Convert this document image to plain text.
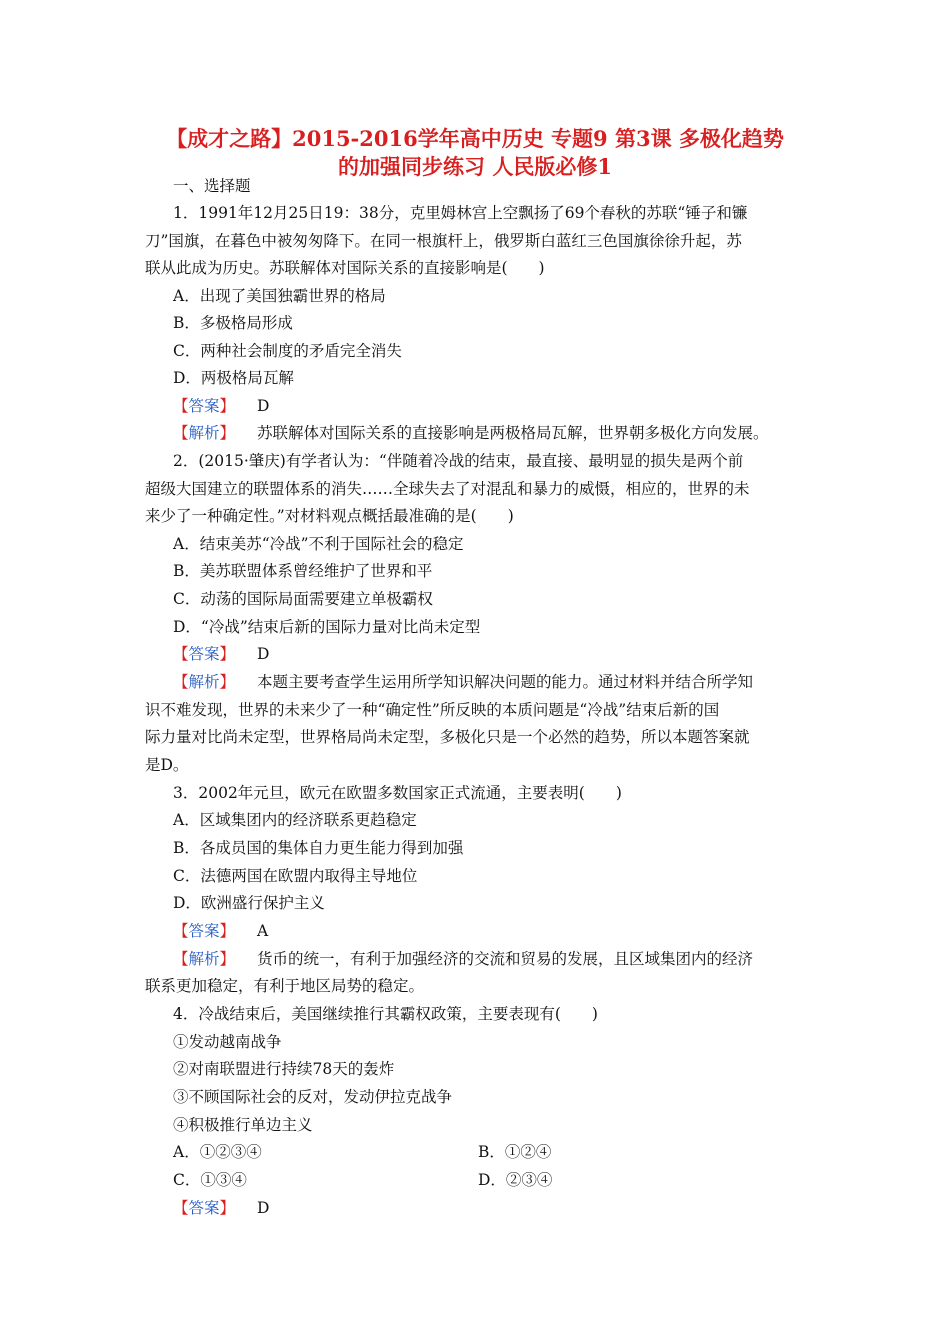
【成才之路】2015-2016学年高中历史 专题9 第3课 多极化趋势
的加强同步练习 人民版必修1
一、选择题
1．1991年12月25日19：38分，克里姆林宫上空飘扬了69个春秋的苏联“锤子和镰
刀”国旗，在暮色中被匆匆降下。在同一根旗杆上，俄罗斯白蓝红三色国旗徐徐升起，苏
联从此成为历史。苏联解体对国际关系的直接影响是(　　)
A．出现了美国独霸世界的格局
B．多极格局形成
C．两种社会制度的矛盾完全消失
D．两极格局瓦解
【答案】 D
【解析】 苏联解体对国际关系的直接影响是两极格局瓦解，世界朝多极化方向发展。
2．(2015·肇庆)有学者认为：“伴随着冷战的结束，最直接、最明显的损失是两个前
超级大国建立的联盟体系的消失……全球失去了对混乱和暴力的威慑，相应的，世界的未
来少了一种确定性。”对材料观点概括最准确的是(　　)
A．结束美苏“冷战”不利于国际社会的稳定
B．美苏联盟体系曾经维护了世界和平
C．动荡的国际局面需要建立单极霸权
D．“冷战”结束后新的国际力量对比尚未定型
【答案】 D
【解析】 本题主要考查学生运用所学知识解决问题的能力。通过材料并结合所学知
识不难发现，世界的未来少了一种“确定性”所反映的本质问题是“冷战”结束后新的国
际力量对比尚未定型，世界格局尚未定型，多极化只是一个必然的趋势，所以本题答案就
是D。
3．2002年元旦，欧元在欧盟多数国家正式流通，主要表明(　　)
A．区域集团内的经济联系更趋稳定
B．各成员国的集体自力更生能力得到加强
C．法德两国在欧盟内取得主导地位
D．欧洲盛行保护主义
【答案】 A
【解析】 货币的统一，有利于加强经济的交流和贸易的发展，且区域集团内的经济
联系更加稳定，有利于地区局势的稳定。
4．冷战结束后，美国继续推行其霸权政策，主要表现有(　　)
①发动越南战争
②对南联盟进行持续78天的轰炸
③不顾国际社会的反对，发动伊拉克战争
④积极推行单边主义
A．①②③④	B．①②④
C．①③④	D．②③④
【答案】 D
